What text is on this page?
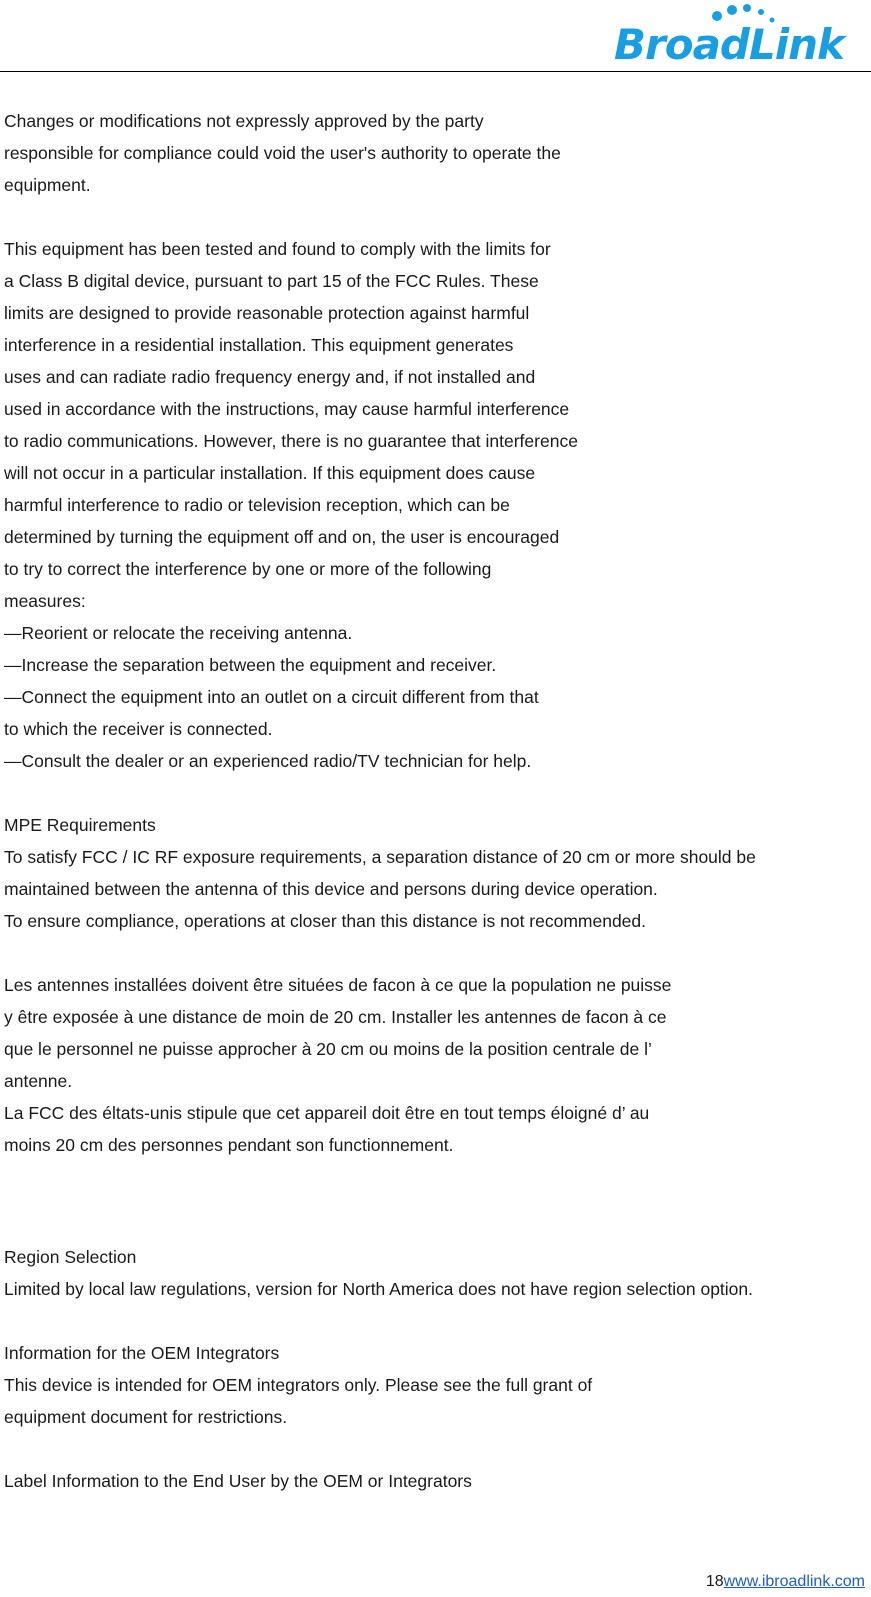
BroadLink
Changes or modifications not expressly approved by the party
responsible for compliance could void the user's authority to operate the
equipment.
This equipment has been tested and found to comply with the limits for
a Class B digital device, pursuant to part 15 of the FCC Rules. These
limits are designed to provide reasonable protection against harmful
interference in a residential installation. This equipment generates
uses and can radiate radio frequency energy and, if not installed and
used in accordance with the instructions, may cause harmful interference
to radio communications. However, there is no guarantee that interference
will not occur in a particular installation. If this equipment does cause
harmful interference to radio or television reception, which can be
determined by turning the equipment off and on, the user is encouraged
to try to correct the interference by one or more of the following
measures:
—Reorient or relocate the receiving antenna.
—Increase the separation between the equipment and receiver.
—Connect the equipment into an outlet on a circuit different from that
to which the receiver is connected.
—Consult the dealer or an experienced radio/TV technician for help.
MPE Requirements
To satisfy FCC / IC RF exposure requirements, a separation distance of 20 cm or more should be
maintained between the antenna of this device and persons during device operation.
To ensure compliance, operations at closer than this distance is not recommended.
Les antennes installées doivent être situées de facon à ce que la population ne puisse
y être exposée à une distance de moin de 20 cm. Installer les antennes de facon à ce
que le personnel ne puisse approcher à 20 cm ou moins de la position centrale de l’
antenne.
La FCC des éltats-unis stipule que cet appareil doit être en tout temps éloigné d’ au
moins 20 cm des personnes pendant son functionnement.
Region Selection
Limited by local law regulations, version for North America does not have region selection option.
Information for the OEM Integrators
This device is intended for OEM integrators only. Please see the full grant of
equipment document for restrictions.
Label Information to the End User by the OEM or Integrators
18www.ibroadlink.com
